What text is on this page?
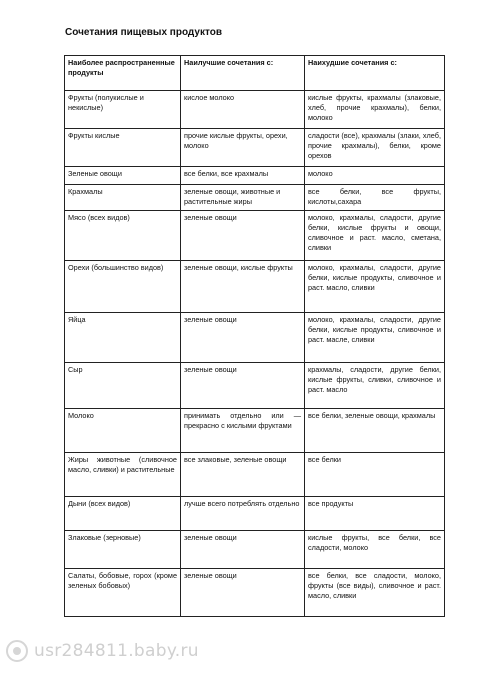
Сочетания пищевых продуктов
Наиболее распространенные продукты	Наилучшие сочетания с:	Наихудшие сочетания с:
Фрукты (полукислые и некислые)	кислое молоко	кислые фрукты, крахмалы (злаковые, хлеб, прочие крахмалы), белки, молоко
Фрукты кислые	прочие кислые фрукты, орехи, молоко	сладости (все), крахмалы (злаки, хлеб, прочие крахмалы), белки, кроме орехов
Зеленые овощи	все белки, все крахмалы	молоко
Крахмалы	зеленые овощи, животные и растительные жиры	все белки, все фрукты, кислоты,сахара
Мясо (всех видов)	зеленые овощи	молоко, крахмалы, сладости, другие белки, кислые фрукты и овощи, сливочное и раст. масло, сметана, сливки
Орехи (большинство видов)	зеленые овощи, кислые фрукты	молоко, крахмалы, сладости, другие белки, кислые продукты, сливочное и раст. масло, сливки
Яйца	зеленые овощи	молоко, крахмалы, сладости, другие белки, кислые продукты, сливочное и раст. масле, сливки
Сыр	зеленые овощи	крахмалы, сладости, другие белки, кислые фрукты, сливки, сливочное и раст. масло
Молоко	принимать отдельно или — прекрасно с кислыми фруктами	все белки, зеленые овощи, крахмалы
Жиры животные (сливочное масло, сливки) и растительные	все злаковые, зеленые овощи	все белки
Дыни (всех видов)	лучше всего потреблять отдельно	все продукты
Злаковые (зерновые)	зеленые овощи	кислые фрукты, все белки, все сладости, молоко
Салаты, бобовые, горох (кроме зеленых бобовых)	зеленые овощи	все белки, все сладости, молоко, фрукты (все виды), сливочное и раст. масло, сливки
usr284811.baby.ru
